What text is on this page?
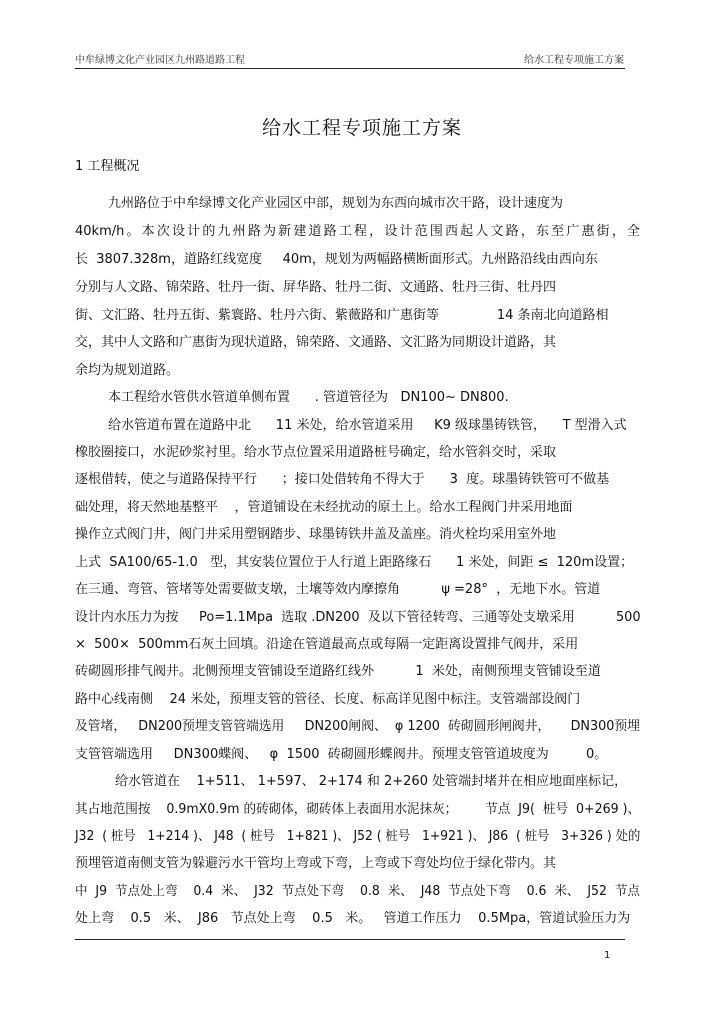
中牟绿博文化产业园区九州路道路工程	给水工程专项施工方案
给水工程专项施工方案
1 工程概况
九州路位于中牟绿博文化产业园区中部，规划为东西向城市次干路，设计速度为
40km/h。本次设计的九州路为新建道路工程，设计范围西起人文路，东至广惠街，全
长  3807.328m，道路红线宽度     40m，规划为两幅路横断面形式。九州路沿线由西向东
分别与人文路、锦荣路、牡丹一街、屏华路、牡丹二街、文通路、牡丹三街、牡丹四
街、文汇路、牡丹五街、紫寰路、牡丹六街、紫薇路和广惠街等              14 条南北向道路相
交，其中人文路和广惠街为现状道路，锦荣路、文通路、文汇路为同期设计道路，其
余均为规划道路。
本工程给水管供水管道单侧布置      . 管道管径为   DN100~ DN800.
给水管道布置在道路中北      11 米处，给水管道采用     K9 级球墨铸铁管，    T 型滑入式
橡胶圈接口，水泥砂浆衬里。给水节点位置采用道路桩号确定，给水管斜交时，采取
逐根借转，使之与道路保持平行      ；接口处借转角不得大于      3  度。球墨铸铁管可不做基
础处理，将天然地基整平    ，管道铺设在未经扰动的原土上。给水工程阀门井采用地面
操作立式阀门井，阀门井采用塑钢踏步、球墨铸铁井盖及盖座。消火栓均采用室外地
上式  SA100/65-1.0   型，其安装位置位于人行道上距路缘石      1 米处，间距 ≤  120m设置；
在三通、弯管、管堵等处需要做支墩，土壤等效内摩擦角          ψ =28°  ，无地下水。管道
设计内水压力为按     Po=1.1Mpa  选取 .DN200  及以下管径转弯、三通等处支墩采用          500
×  500×  500mm石灰土回填。沿途在管道最高点或每隔一定距离设置排气阀井，采用
砖砌圆形排气阀井。北侧预埋支管铺设至道路红线外          1  米处，南侧预埋支管铺设至道
路中心线南侧    24 米处，预埋支管的管径、长度、标高详见图中标注。支管端部设阀门
及管堵，   DN200预埋支管管端选用     DN200闸阀、  φ 1200  砖砌圆形闸阀井，     DN300预埋
支管管端选用     DN300蝶阀、   φ  1500  砖砌圆形蝶阀井。预埋支管管道坡度为         0。
给水管道在    1+511、 1+597、 2+174 和 2+260 处管端封堵并在相应地面座标记，
其占地范围按    0.9mX0.9m 的砖砌体，砌砖体上表面用水泥抹灰；       节点  J9(  桩号  0+269 )、
J32  ( 桩号   1+214 )、 J48  ( 桩号   1+821 )、 J52 ( 桩号   1+921 )、 J86  ( 桩号   3+326 ) 处的
预埋管道南侧支管为躲避污水干管均上弯或下弯，上弯或下弯处均位于绿化带内。其
中  J9  节点处上弯    0.4  米、  J32  节点处下弯    0.8  米、  J48  节点处下弯    0.6  米、  J52  节点
处上弯    0.5   米、  J86   节点处上弯    0.5   米。   管道工作压力    0.5Mpa，管道试验压力为
1
